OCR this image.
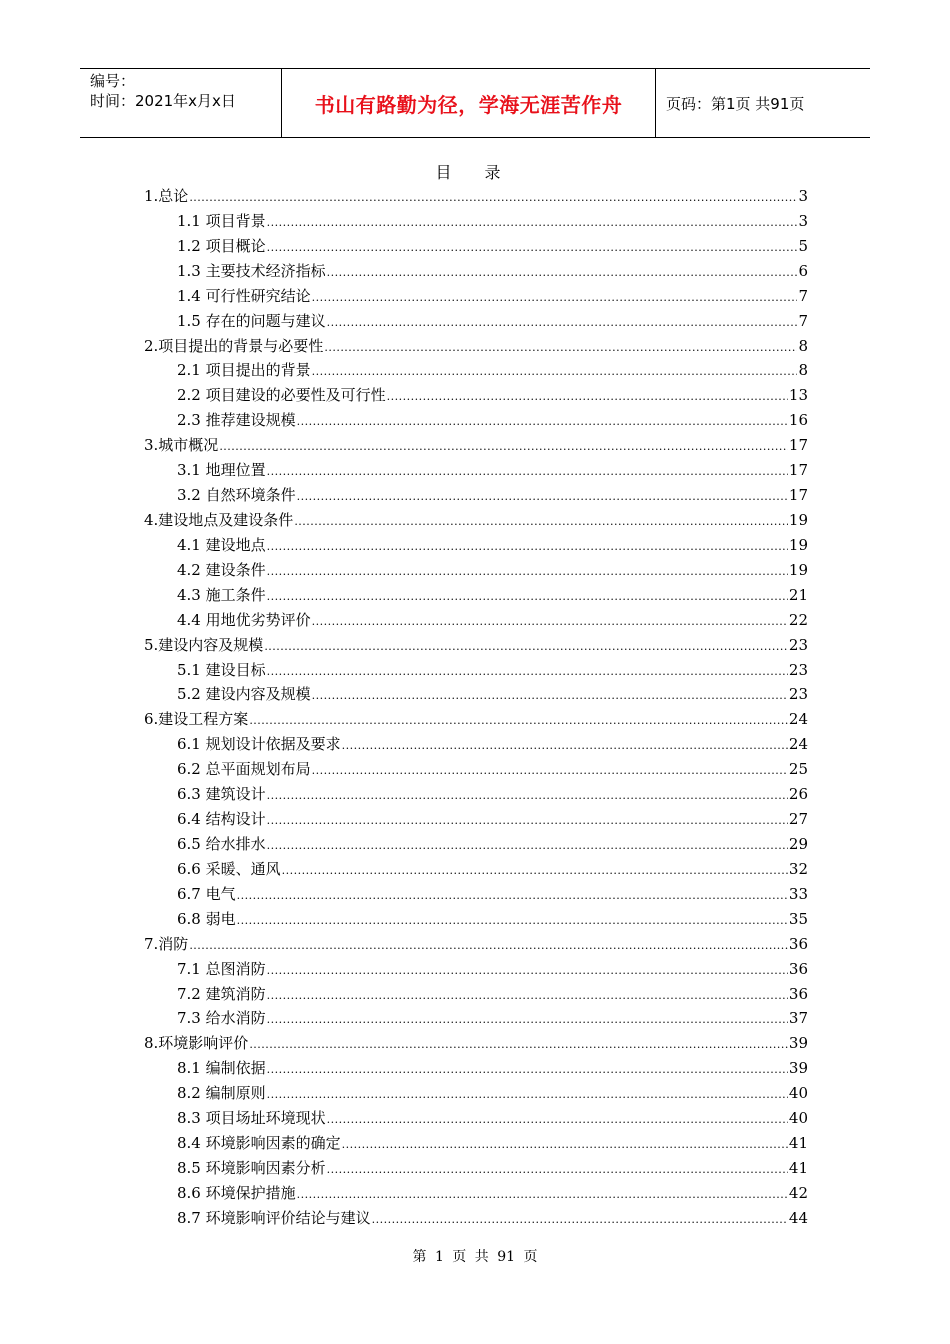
编号：
时间：2021年x月x日	书山有路勤为径，学海无涯苦作舟	页码：第1页 共91页
目 录
1.总论 .....	3
1.1 项目背景 .....	3
1.2 项目概论 .....	5
1.3 主要技术经济指标 .....	6
1.4 可行性研究结论 .....	7
1.5 存在的问题与建议 .....	7
2.项目提出的背景与必要性 .....	8
2.1 项目提出的背景 .....	8
2.2 项目建设的必要性及可行性 .....	13
2.3 推荐建设规模 .....	16
3.城市概况 .....	17
3.1 地理位置 .....	17
3.2 自然环境条件 .....	17
4.建设地点及建设条件 .....	19
4.1 建设地点 .....	19
4.2 建设条件 .....	19
4.3 施工条件 .....	21
4.4 用地优劣势评价 .....	22
5.建设内容及规模 .....	23
5.1 建设目标 .....	23
5.2 建设内容及规模 .....	23
6.建设工程方案 .....	24
6.1 规划设计依据及要求 .....	24
6.2 总平面规划布局 .....	25
6.3 建筑设计 .....	26
6.4 结构设计 .....	27
6.5 给水排水 .....	29
6.6 采暖、通风 .....	32
6.7 电气 .....	33
6.8 弱电 .....	35
7.消防 .....	36
7.1 总图消防 .....	36
7.2 建筑消防 .....	36
7.3 给水消防 .....	37
8.环境影响评价 .....	39
8.1 编制依据 .....	39
8.2 编制原则 .....	40
8.3 项目场址环境现状 .....	40
8.4 环境影响因素的确定 .....	41
8.5 环境影响因素分析 .....	41
8.6 环境保护措施 .....	42
8.7 环境影响评价结论与建议 .....	44
第 1 页 共 91 页
